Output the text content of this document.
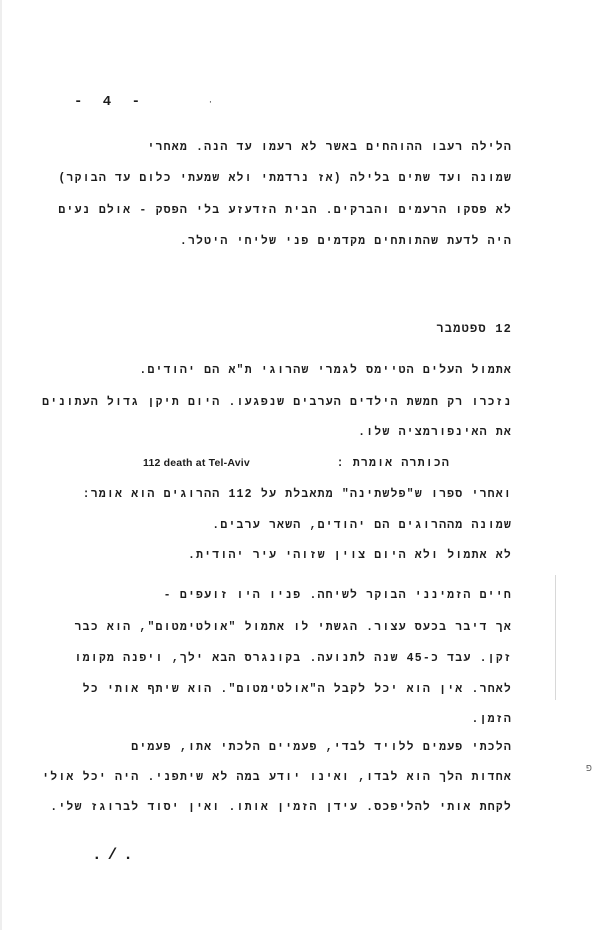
- 4 -	·
הלילה רעבו ההוהחים באשר לא רעמו עד הנה. מאחרי
שמונה ועד שתים בלילה (אז נרדמתי ולא שמעתי כלום עד הבוקר)
לא פסקו הרעמים והברקים. הבית הזדעזע בלי הפסק - אולם נעים
היה לדעת שהתותחים מקדמים פני שליחי היטלר.
12 ספטמבר
אתמול העלים הטיימס לגמרי שהרוגי ת"א הם יהודים.
נזכרו רק חמשת הילדים הערבים שנפגעו. היום תיקן גדול העתונים
את האינפורמציה שלו.
הכותרה אומרת :
112 death at Tel-Aviv
ואחרי ספרו ש"פלשתינה" מתאבלת על 112 ההרוגים הוא אומר:
שמונה מההרוגים הם יהודים, השאר ערבים.
לא אתמול ולא היום צוין שזוהי עיר יהודית.
חיים הזמינני הבוקר לשיחה. פניו היו זועפים -
אך דיבר בכעס עצור. הגשתי לו אתמול "אולטימטום", הוא כבר
זקן. עבד כ-45 שנה לתנועה. בקונגרס הבא ילך, ויפנה מקומו
לאחר. אין הוא יכל לקבל ה"אולטימטום". הוא שיתף אותי כל
הזמן.
הלכתי פעמים ללויד לבדי, פעמיים הלכתי אתו, פעמים
אחדות הלך הוא לבדו, ואינו יודע במה לא שיתפני. היה יכל אולי
לקחת אותי להליפכס. עידן הזמין אותו. ואין יסוד לברוגז שלי.
פ
./.
